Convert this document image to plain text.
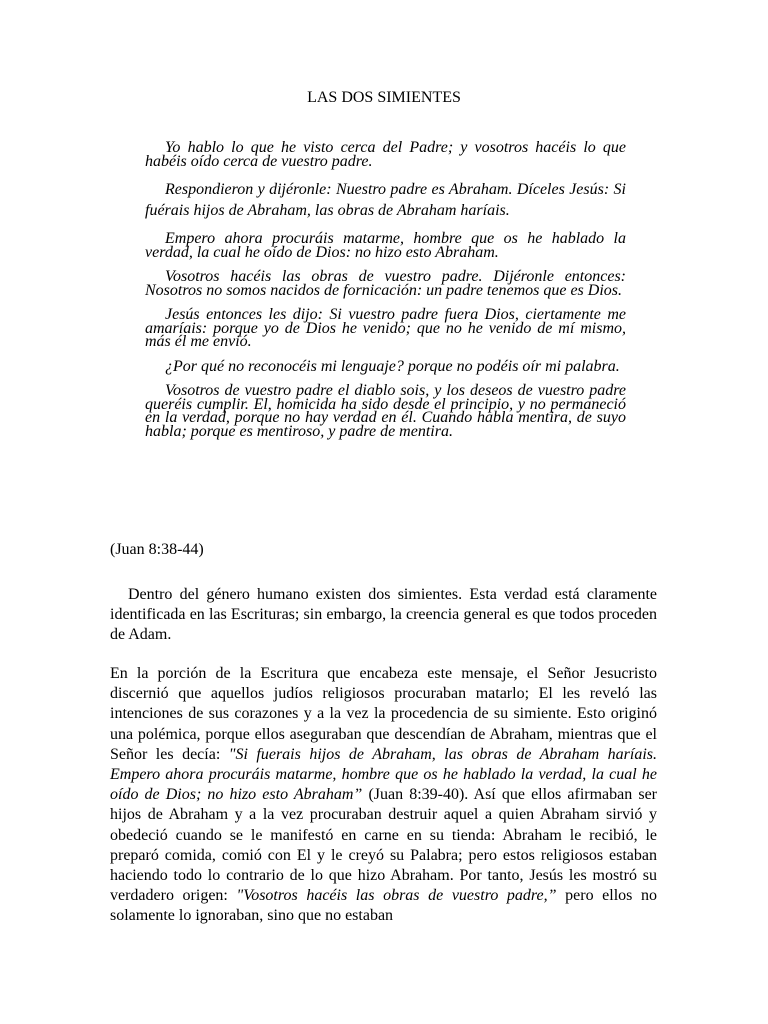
LAS DOS SIMIENTES

Yo hablo lo que he visto cerca del Padre; y vosotros hacéis lo que habéis oído cerca de vuestro padre.

Respondieron y dijéronle: Nuestro padre es Abraham. Díceles Jesús: Si fuérais hijos de Abraham, las obras de Abraham haríais.

Empero ahora procuráis matarme, hombre que os he hablado la verdad, la cual he oído de Dios: no hizo esto Abraham.

Vosotros hacéis las obras de vuestro padre. Dijéronle entonces: Nosotros no somos nacidos de fornicación: un padre tenemos que es Dios.

Jesús entonces les dijo: Si vuestro padre fuera Dios, ciertamente me amaríais: porque yo de Dios he venido; que no he venido de mí mismo, más él me envió.

¿Por qué no reconocéis mi lenguaje? porque no podéis oír mi palabra.

Vosotros de vuestro padre el diablo sois, y los deseos de vuestro padre queréis cumplir. El, homicida ha sido desde el principio, y no permaneció en la verdad, porque no hay verdad en él. Cuando habla mentira, de suyo habla; porque es mentiroso, y padre de mentira.

(Juan 8:38-44)

Dentro del género humano existen dos simientes. Esta verdad está claramente identificada en las Escrituras; sin embargo, la creencia general es que todos proceden de Adam.

En la porción de la Escritura que encabeza este mensaje, el Señor Jesucristo discernió que aquellos judíos religiosos procuraban matarlo; El les reveló las intenciones de sus corazones y a la vez la procedencia de su simiente. Esto originó una polémica, porque ellos aseguraban que descendían de Abraham, mientras que el Señor les decía: "Si fuerais hijos de Abraham, las obras de Abraham haríais. Empero ahora procuráis matarme, hombre que os he hablado la verdad, la cual he oído de Dios; no hizo esto Abraham” (Juan 8:39-40). Así que ellos afirmaban ser hijos de Abraham y a la vez procuraban destruir aquel a quien Abraham sirvió y obedeció cuando se le manifestó en carne en su tienda: Abraham le recibió, le preparó comida, comió con El y le creyó su Palabra; pero estos religiosos estaban haciendo todo lo contrario de lo que hizo Abraham. Por tanto, Jesús les mostró su verdadero origen: "Vosotros hacéis las obras de vuestro padre,” pero ellos no solamente lo ignoraban, sino que no estaban
